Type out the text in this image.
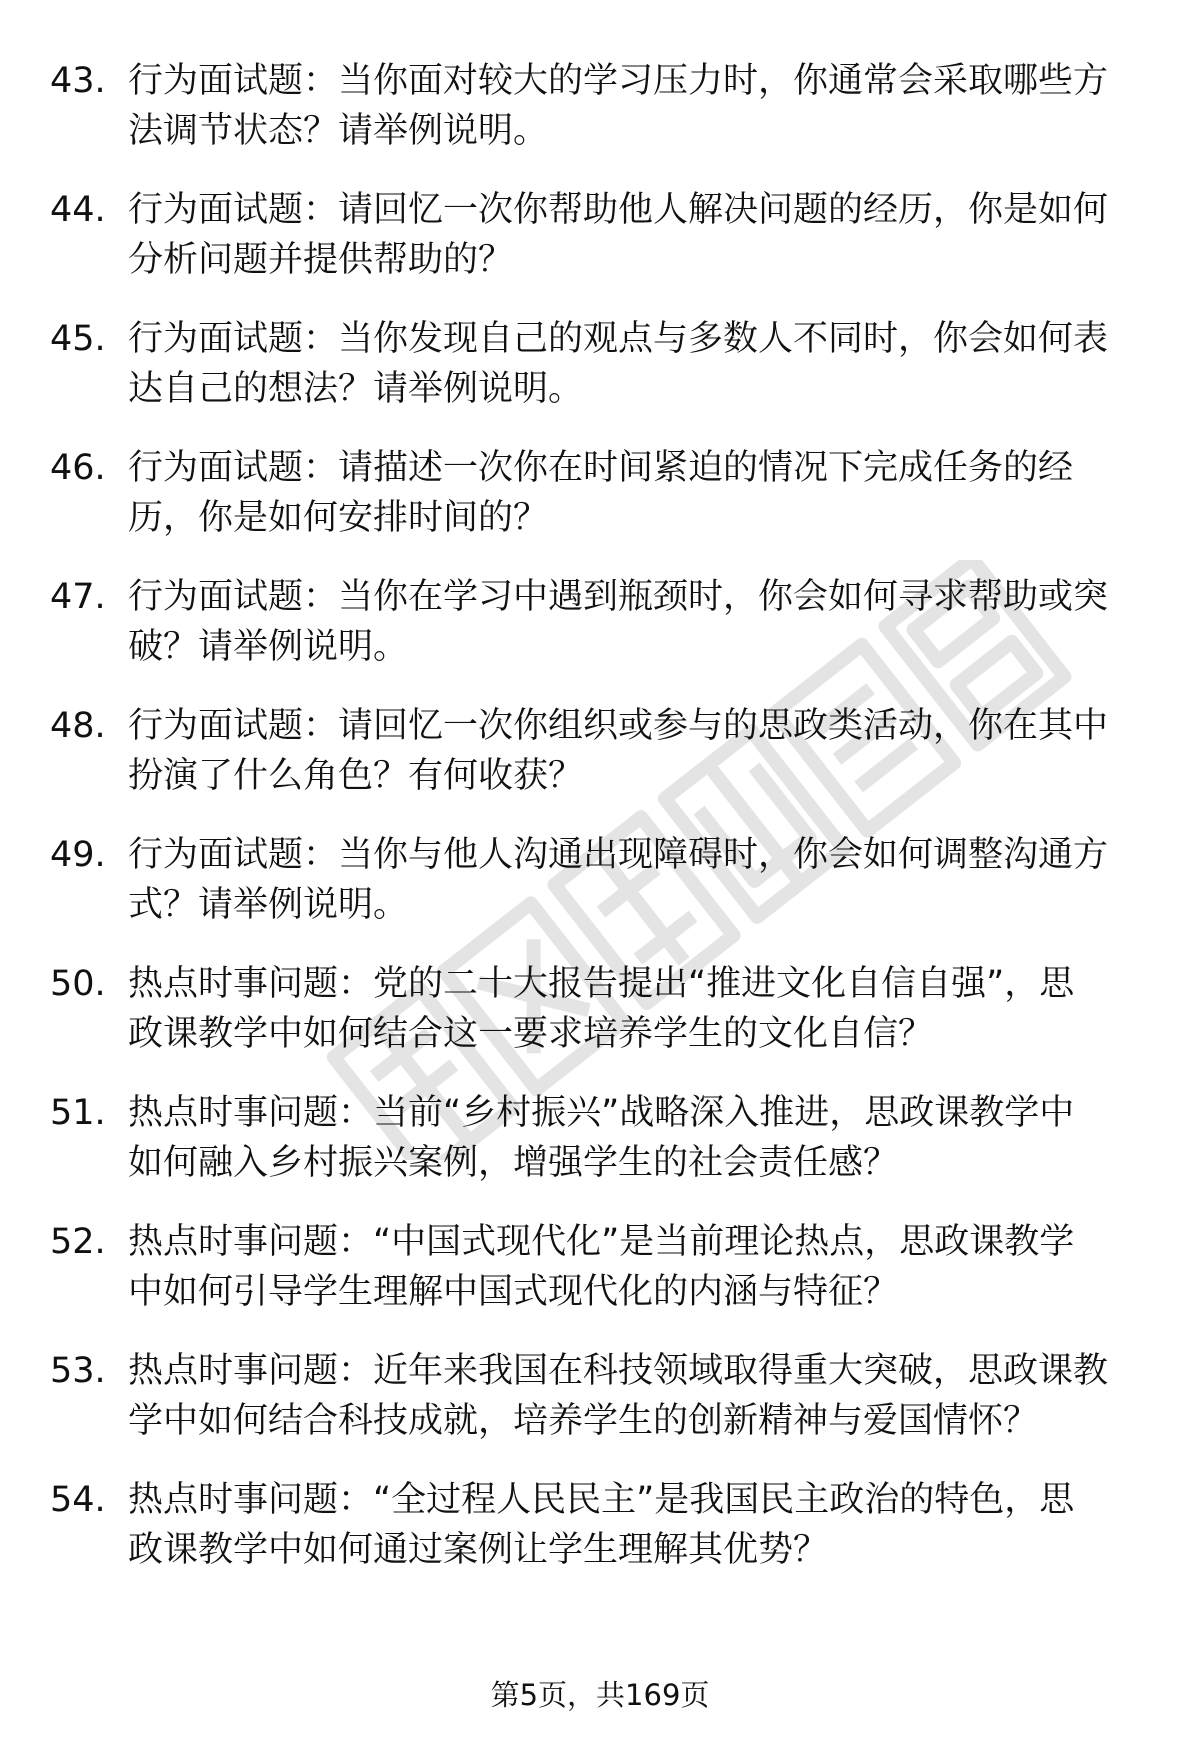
43. 行为面试题：当你面对较大的学习压力时，你通常会采取哪些方
法调节状态？请举例说明。
44. 行为面试题：请回忆一次你帮助他人解决问题的经历，你是如何
分析问题并提供帮助的？
45. 行为面试题：当你发现自己的观点与多数人不同时，你会如何表
达自己的想法？请举例说明。
46. 行为面试题：请描述一次你在时间紧迫的情况下完成任务的经
历，你是如何安排时间的？
47. 行为面试题：当你在学习中遇到瓶颈时，你会如何寻求帮助或突
破？请举例说明。
48. 行为面试题：请回忆一次你组织或参与的思政类活动，你在其中
扮演了什么角色？有何收获？
49. 行为面试题：当你与他人沟通出现障碍时，你会如何调整沟通方
式？请举例说明。
50. 热点时事问题：党的二十大报告提出“推进文化自信自强”，思
政课教学中如何结合这一要求培养学生的文化自信？
51. 热点时事问题：当前“乡村振兴”战略深入推进，思政课教学中
如何融入乡村振兴案例，增强学生的社会责任感？
52. 热点时事问题：“中国式现代化”是当前理论热点，思政课教学
中如何引导学生理解中国式现代化的内涵与特征？
53. 热点时事问题：近年来我国在科技领域取得重大突破，思政课教
学中如何结合科技成就，培养学生的创新精神与爱国情怀？
54. 热点时事问题：“全过程人民民主”是我国民主政治的特色，思
政课教学中如何通过案例让学生理解其优势？
第5页，共169页
